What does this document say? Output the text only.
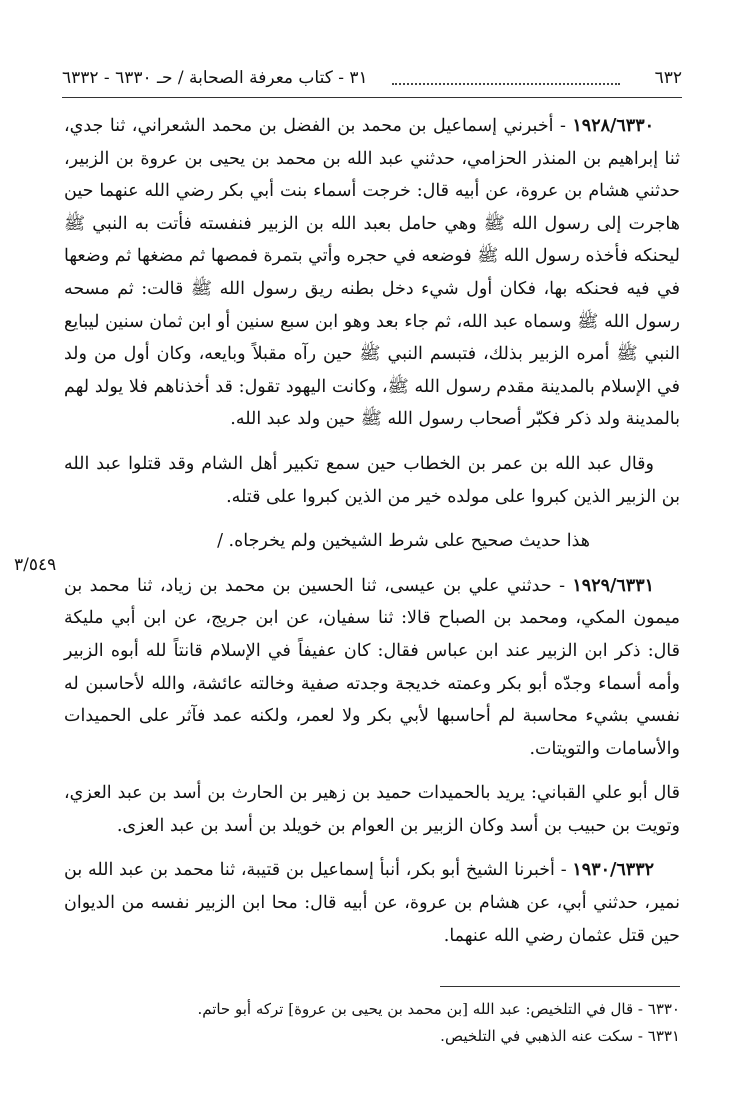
٦٣٢
٣١ - كتاب معرفة الصحابة / حـ ٦٣٣٠ - ٦٣٣٢

١٩٢٨/٦٣٣٠ - أخبرني إسماعيل بن محمد بن الفضل بن محمد الشعراني، ثنا جدي، ثنا إبراهيم بن المنذر الحزامي، حدثني عبد الله بن محمد بن يحيى بن عروة بن الزبير، حدثني هشام بن عروة، عن أبيه قال: خرجت أسماء بنت أبي بكر رضي الله عنهما حين هاجرت إلى رسول الله ﷺ وهي حامل بعبد الله بن الزبير فنفسته فأتت به النبي ﷺ ليحنكه فأخذه رسول الله ﷺ فوضعه في حجره وأتي بتمرة فمصها ثم مضغها ثم وضعها في فيه فحنكه بها، فكان أول شيء دخل بطنه ريق رسول الله ﷺ قالت: ثم مسحه رسول الله ﷺ وسماه عبد الله، ثم جاء بعد وهو ابن سبع سنين أو ابن ثمان سنين ليبايع النبي ﷺ أمره الزبير بذلك، فتبسم النبي ﷺ حين رآه مقبلاً وبايعه، وكان أول من ولد في الإسلام بالمدينة مقدم رسول الله ﷺ، وكانت اليهود تقول: قد أخذناهم فلا يولد لهم بالمدينة ولد ذكر فكبّر أصحاب رسول الله ﷺ حين ولد عبد الله.

وقال عبد الله بن عمر بن الخطاب حين سمع تكبير أهل الشام وقد قتلوا عبد الله بن الزبير الذين كبروا على مولده خير من الذين كبروا على قتله.

هذا حديث صحيح على شرط الشيخين ولم يخرجاه. /

١٩٢٩/٦٣٣١ - حدثني علي بن عيسى، ثنا الحسين بن محمد بن زياد، ثنا محمد بن ميمون المكي، ومحمد بن الصباح قالا: ثنا سفيان، عن ابن جريج، عن ابن أبي مليكة قال: ذكر ابن الزبير عند ابن عباس فقال: كان عفيفاً في الإسلام قانتاً لله أبوه الزبير وأمه أسماء وجدّه أبو بكر وعمته خديجة وجدته صفية وخالته عائشة، والله لأحاسبن له نفسي بشيء محاسبة لم أحاسبها لأبي بكر ولا لعمر، ولكنه عمد فآثر على الحميدات والأسامات والتويتات.

قال أبو علي القباني: يريد بالحميدات حميد بن زهير بن الحارث بن أسد بن عبد العزي، وتويت بن حبيب بن أسد وكان الزبير بن العوام بن خويلد بن أسد بن عبد العزى.

١٩٣٠/٦٣٣٢ - أخبرنا الشيخ أبو بكر، أنبأ إسماعيل بن قتيبة، ثنا محمد بن عبد الله بن نمير، حدثني أبي، عن هشام بن عروة، عن أبيه قال: محا ابن الزبير نفسه من الديوان حين قتل عثمان رضي الله عنهما.

٣/٥٤٩

٦٣٣٠ - قال في التلخيص: عبد الله [بن محمد بن يحيى بن عروة] تركه أبو حاتم.

٦٣٣١ - سكت عنه الذهبي في التلخيص.
